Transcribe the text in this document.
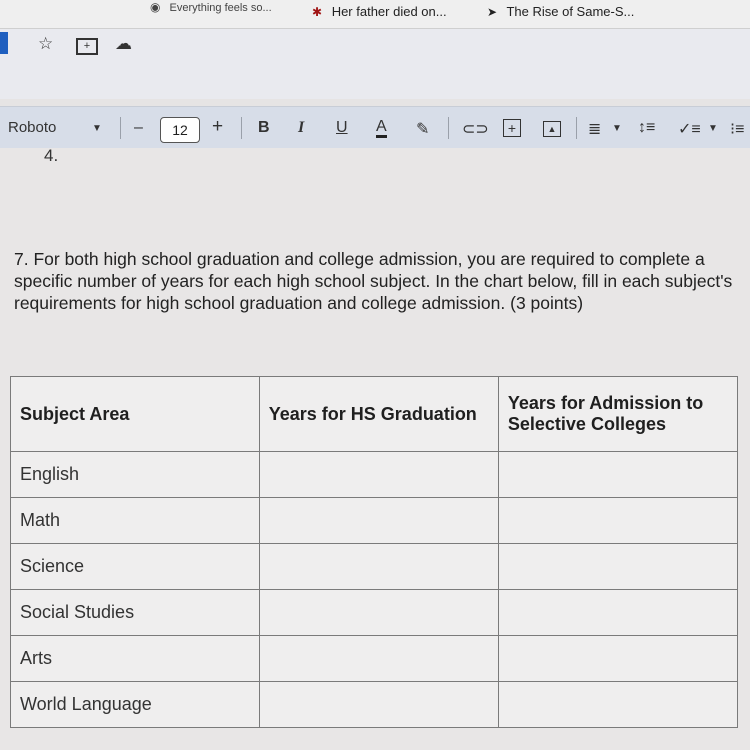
◉ Everything feels so...	✱ Her father died on...	➤ The Rise of Same-S...
☆	+	☁
Roboto	▼ –	12	+ B I U A ✎ ⊂⊃	+	▲ ≣ ▼ ↕≡ ✓≡ ▼ ⁝≡
4.
7. For both high school graduation and college admission, you are required to complete a specific number of years for each high school subject. In the chart below, fill in each subject's requirements for high school graduation and college admission. (3 points)
Subject Area	Years for HS Graduation	Years for Admission to Selective Colleges
English		
Math		
Science		
Social Studies		
Arts		
World Language		
